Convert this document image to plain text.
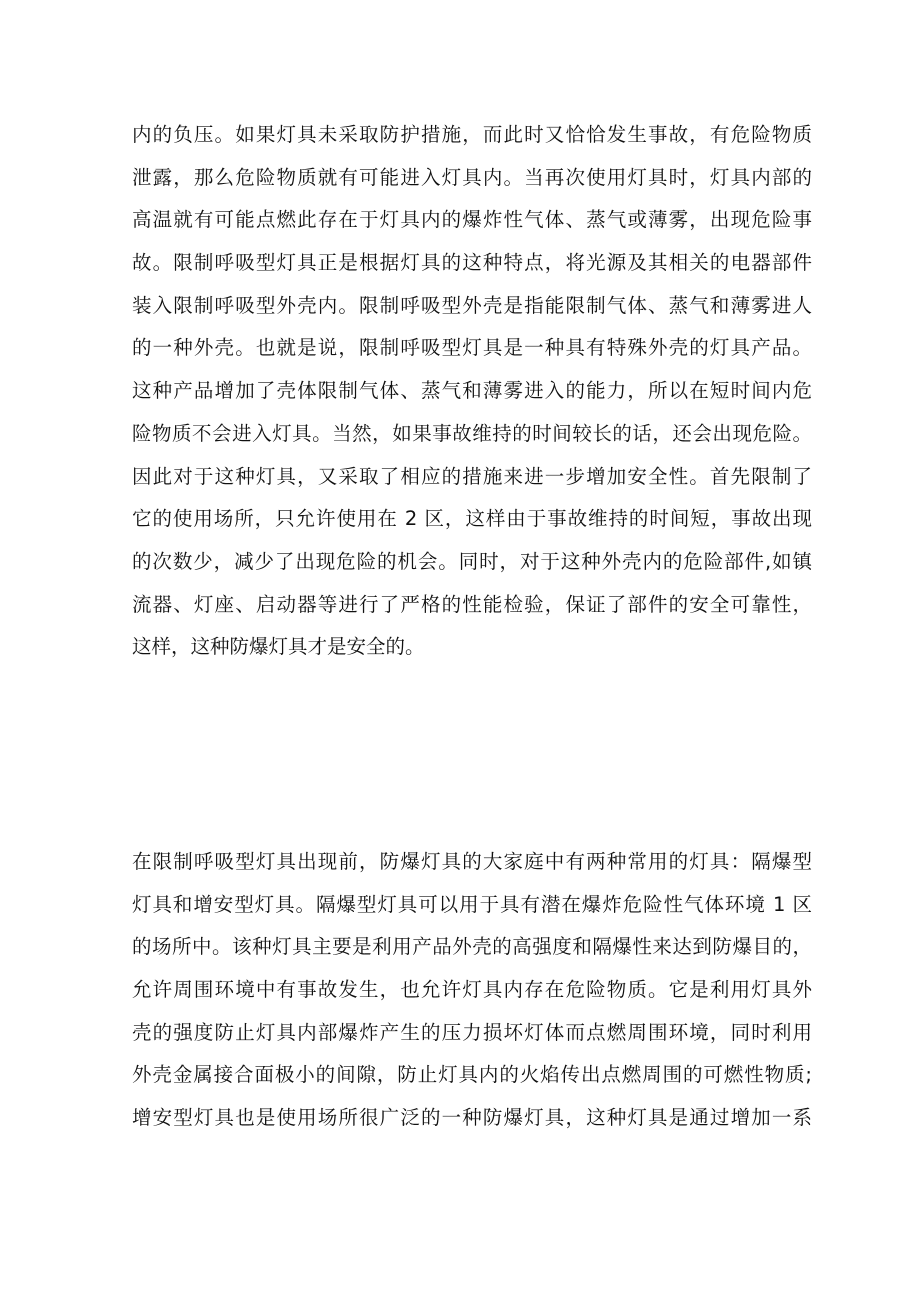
内的负压。如果灯具未采取防护措施，而此时又恰恰发生事故，有危险物质
泄露，那么危险物质就有可能进入灯具内。当再次使用灯具时，灯具内部的
高温就有可能点燃此存在于灯具内的爆炸性气体、蒸气或薄雾，出现危险事
故。限制呼吸型灯具正是根据灯具的这种特点，将光源及其相关的电器部件
装入限制呼吸型外壳内。限制呼吸型外壳是指能限制气体、蒸气和薄雾进人
的一种外壳。也就是说，限制呼吸型灯具是一种具有特殊外壳的灯具产品。
这种产品增加了壳体限制气体、蒸气和薄雾进入的能力，所以在短时间内危
险物质不会进入灯具。当然，如果事故维持的时间较长的话，还会出现危险。
因此对于这种灯具，又采取了相应的措施来进一步增加安全性。首先限制了
它的使用场所，只允许使用在 2 区，这样由于事故维持的时间短，事故出现
的次数少，减少了出现危险的机会。同时，对于这种外壳内的危险部件,如镇
流器、灯座、启动器等进行了严格的性能检验，保证了部件的安全可靠性，
这样，这种防爆灯具才是安全的。
在限制呼吸型灯具出现前，防爆灯具的大家庭中有两种常用的灯具：隔爆型
灯具和增安型灯具。隔爆型灯具可以用于具有潜在爆炸危险性气体环境 1 区
的场所中。该种灯具主要是利用产品外壳的高强度和隔爆性来达到防爆目的，
允许周围环境中有事故发生，也允许灯具内存在危险物质。它是利用灯具外
壳的强度防止灯具内部爆炸产生的压力损坏灯体而点燃周围环境，同时利用
外壳金属接合面极小的间隙，防止灯具内的火焰传出点燃周围的可燃性物质;
增安型灯具也是使用场所很广泛的一种防爆灯具，这种灯具是通过增加一系
